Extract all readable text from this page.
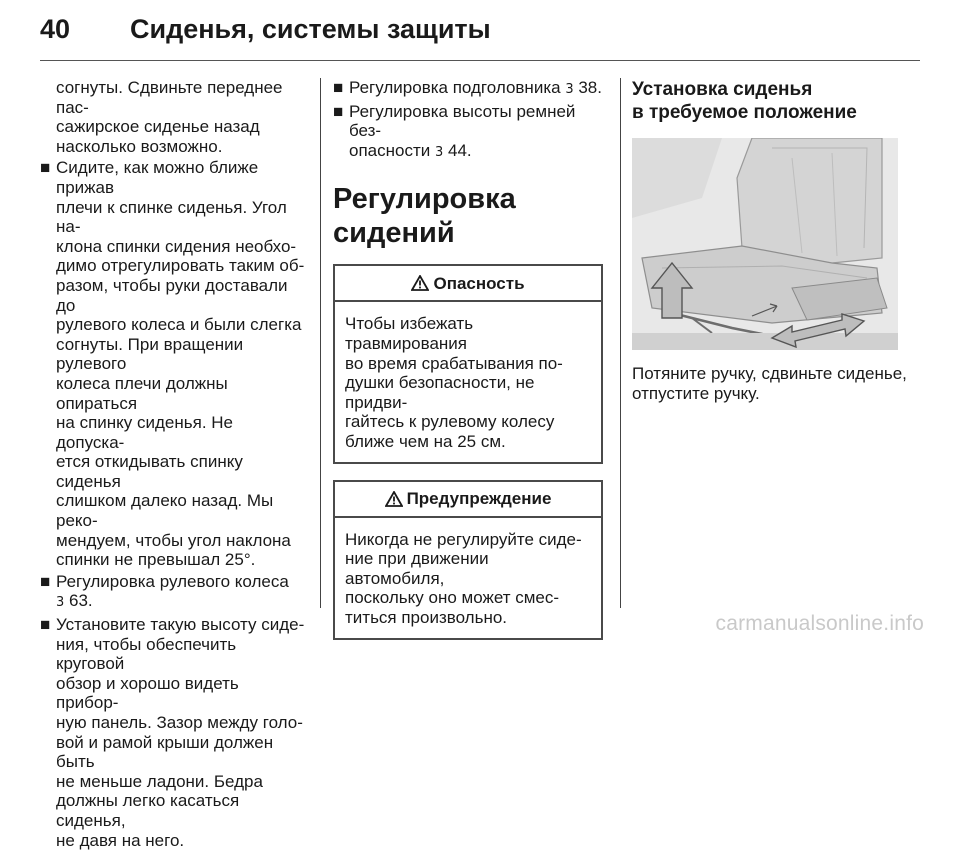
40 Сиденья, системы защиты
согнуты. Сдвиньте переднее пас-
сажирское сиденье назад
насколько возможно.
■ Сидите, как можно ближе прижав
плечи к спинке сиденья. Угол на-
клона спинки сидения необхо-
димо отрегулировать таким об-
разом, чтобы руки доставали до
рулевого колеса и были слегка
согнуты. При вращении рулевого
колеса плечи должны опираться
на спинку сиденья. Не допуска-
ется откидывать спинку сиденья
слишком далеко назад. Мы реко-
мендуем, чтобы угол наклона
спинки не превышал 25°.
■ Регулировка рулевого колеса
3 63.
■ Установите такую высоту сиде-
ния, чтобы обеспечить круговой
обзор и хорошо видеть прибор-
ную панель. Зазор между голо-
вой и рамой крыши должен быть
не меньше ладони. Бедра
должны легко касаться сиденья,
не давя на него.
■ Регулировка подголовника 3 38.
■ Регулировка высоты ремней без-
опасности 3 44.
Регулировка сидений
Опасность
Чтобы избежать травмирования
во время срабатывания по-
душки безопасности, не придви-
гайтесь к рулевому колесу
ближе чем на 25 см.
Предупреждение
Никогда не регулируйте сиде-
ние при движении автомобиля,
поскольку оно может смес-
титься произвольно.
Установка сиденья
в требуемое положение
Потяните ручку, сдвиньте сиденье,
отпустите ручку.
carmanualsonline.info
